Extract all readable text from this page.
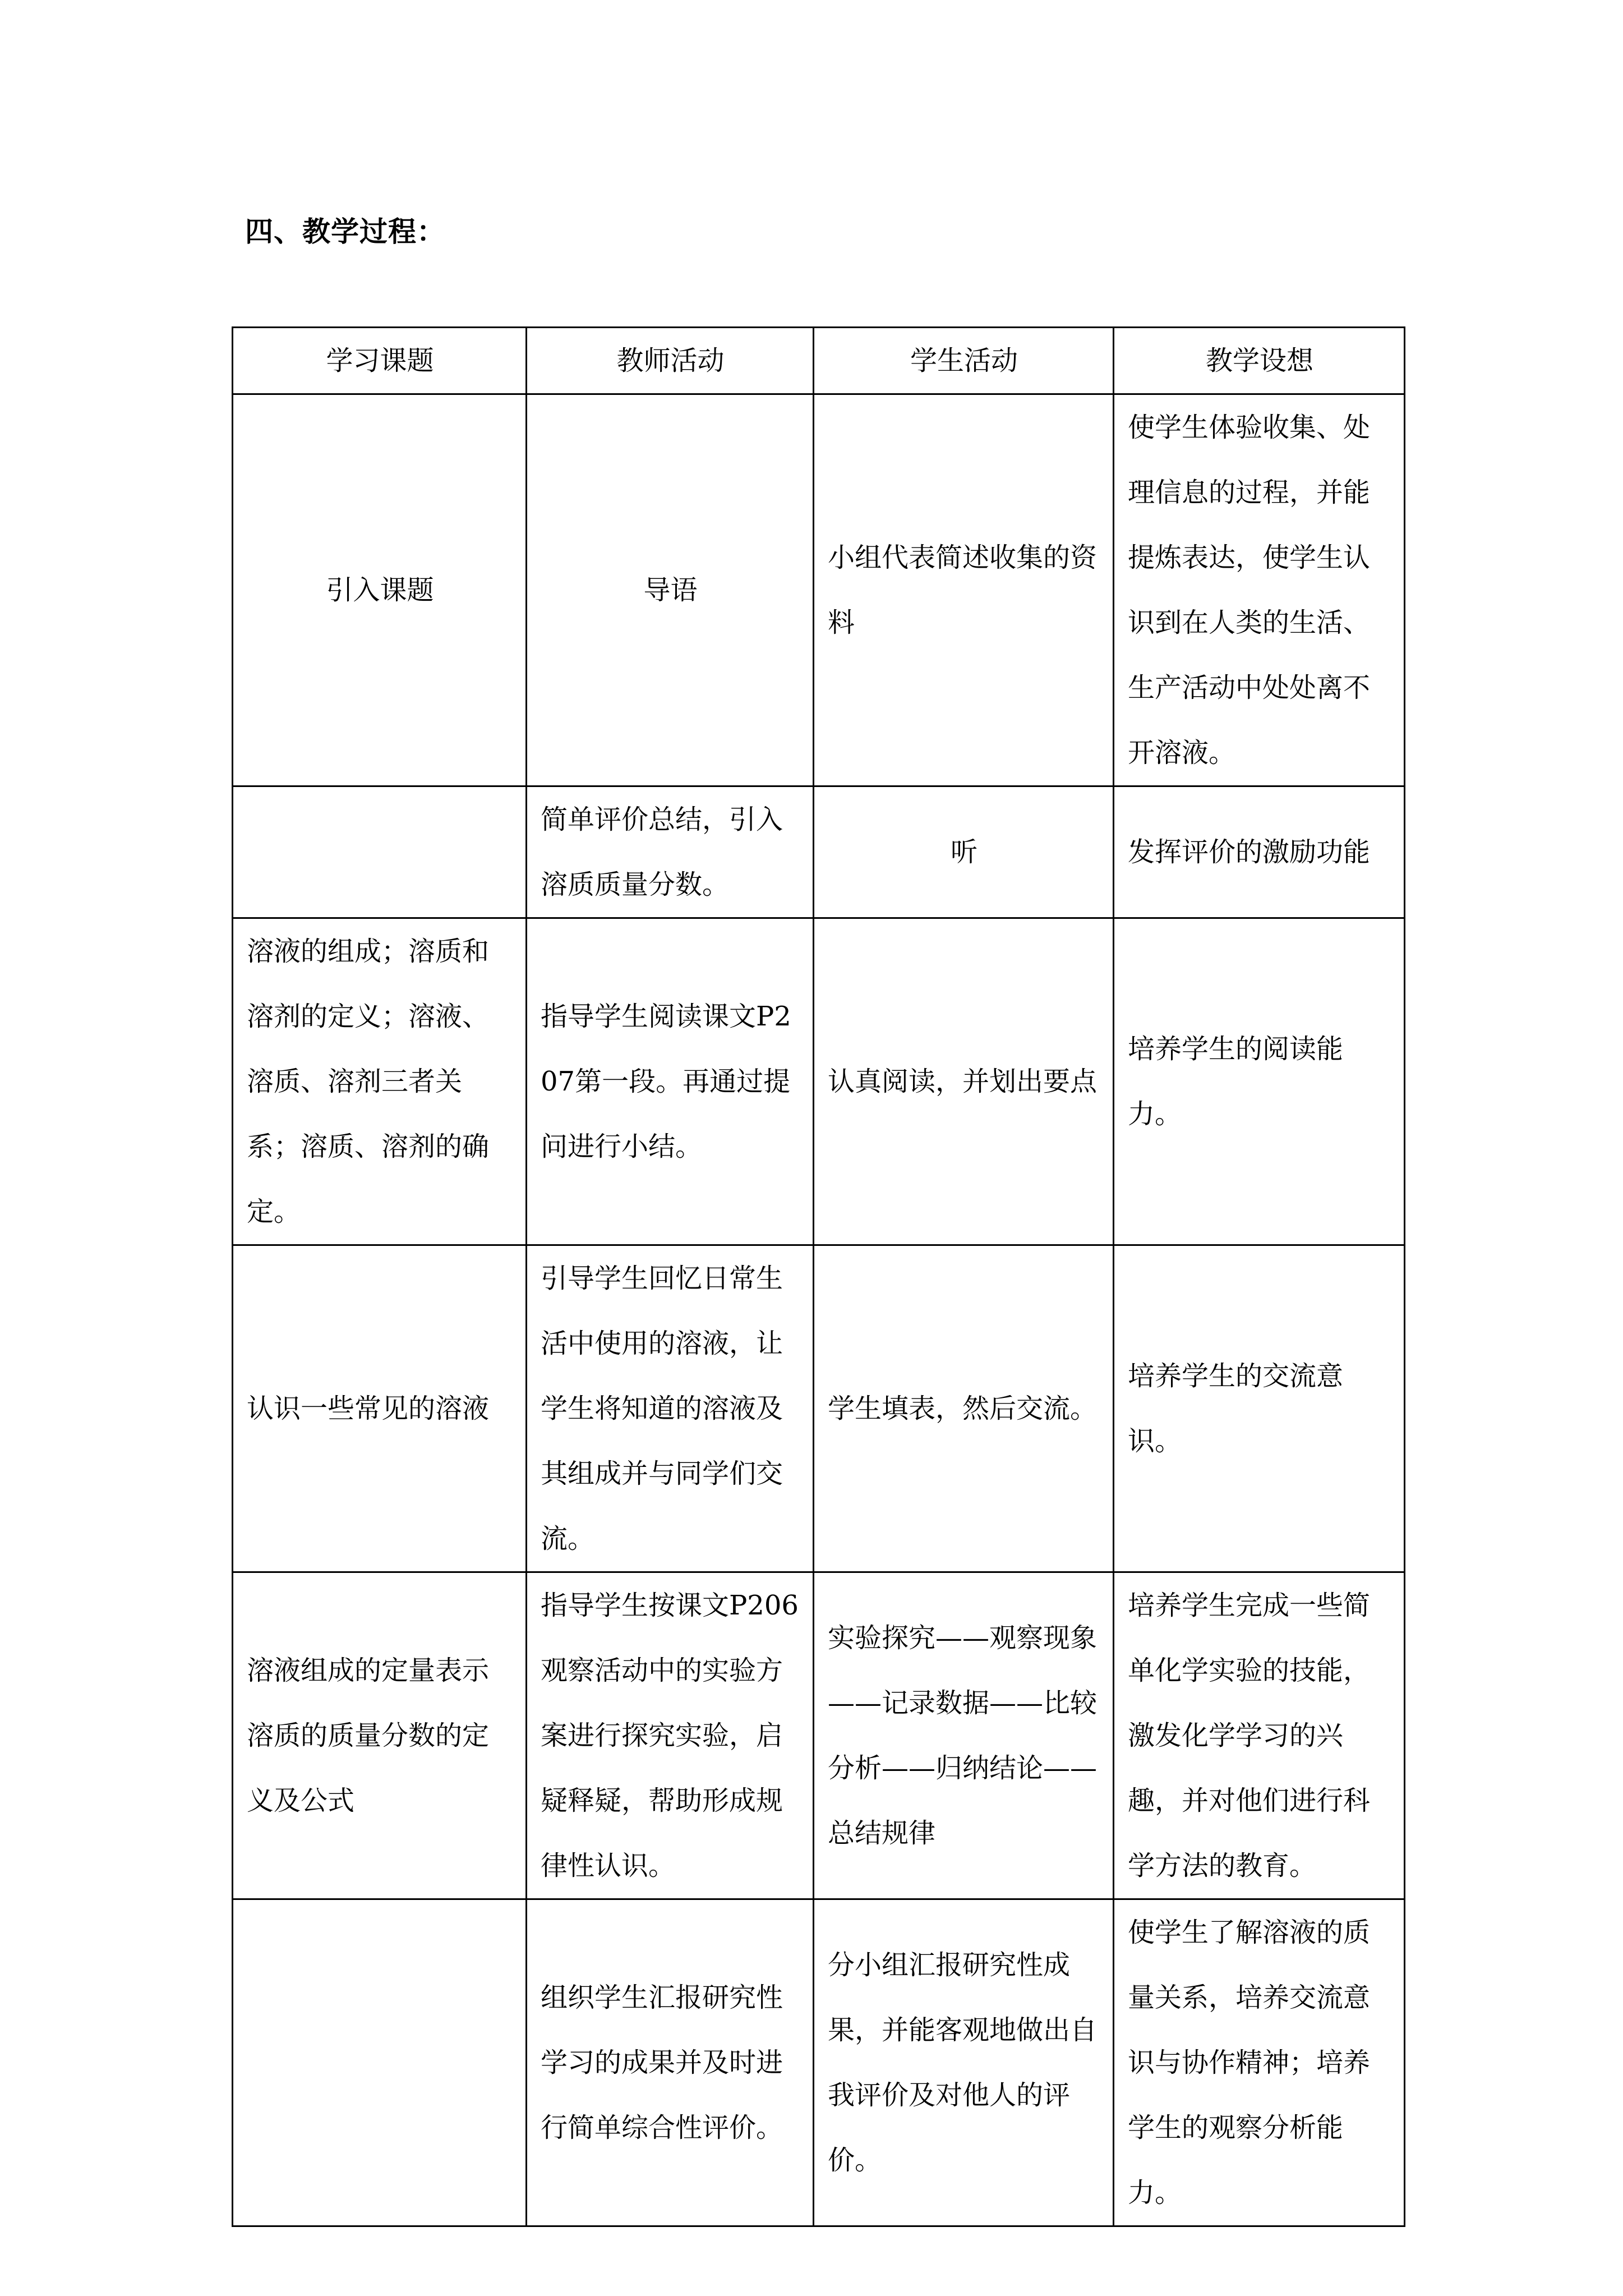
四、教学过程：
学习课题	教师活动	学生活动	教学设想
引入课题	导语	小组代表简述收集的资料	使学生体验收集、处理信息的过程，并能提炼表达，使学生认识到在人类的生活、生产活动中处处离不开溶液。
	简单评价总结，引入溶质质量分数。	听	发挥评价的激励功能
溶液的组成；溶质和溶剂的定义；溶液、溶质、溶剂三者关系；溶质、溶剂的确定。	指导学生阅读课文P207第一段。再通过提问进行小结。	认真阅读，并划出要点	培养学生的阅读能力。
认识一些常见的溶液	引导学生回忆日常生活中使用的溶液，让学生将知道的溶液及其组成并与同学们交流。	学生填表，然后交流。	培养学生的交流意识。
溶液组成的定量表示溶质的质量分数的定义及公式	指导学生按课文P206观察活动中的实验方案进行探究实验，启疑释疑，帮助形成规律性认识。	实验探究——观察现象——记录数据——比较分析——归纳结论——总结规律	培养学生完成一些简单化学实验的技能，激发化学学习的兴趣，并对他们进行科学方法的教育。
	组织学生汇报研究性学习的成果并及时进行简单综合性评价。	分小组汇报研究性成果，并能客观地做出自我评价及对他人的评价。	使学生了解溶液的质量关系，培养交流意识与协作精神；培养学生的观察分析能力。
